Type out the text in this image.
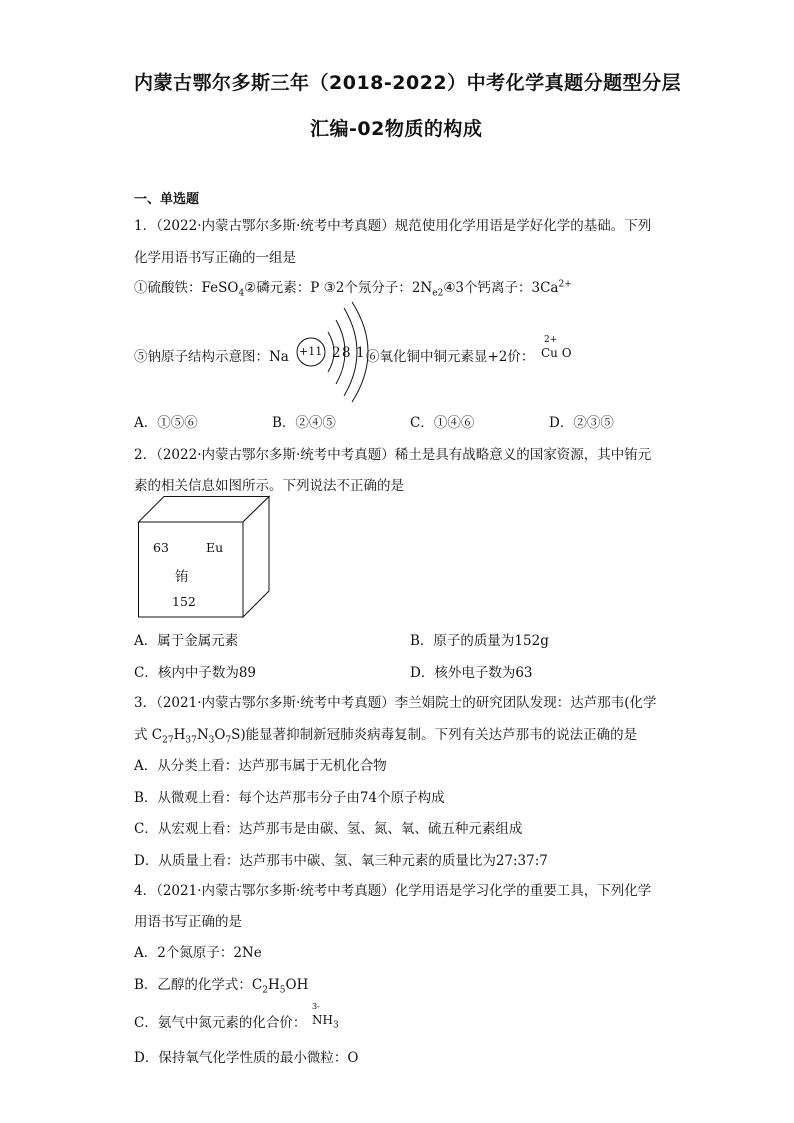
内蒙古鄂尔多斯三年（2018-2022）中考化学真题分题型分层
汇编-02物质的构成
一、单选题
1．（2022·内蒙古鄂尔多斯·统考中考真题）规范使用化学用语是学好化学的基础。下列
化学用语书写正确的一组是
①硫酸铁：FeSO$_4$②磷元素：P ③2个氖分子：$2N_{e2}④3$个钙离子：$3Ca^{2+}$
⑤钠原子结构示意图：Na +11 2 8 1 ⑥氧化铜中铜元素显+2价：
2+
Cu O
A．①⑤⑥	B．②④⑤	C．①④⑥	D．②③⑤
2．（2022·内蒙古鄂尔多斯·统考中考真题）稀土是具有战略意义的国家资源，其中铕元
素的相关信息如图所示。下列说法不正确的是
63	Eu
铕
152
A．属于金属元素	B．原子的质量为152g
C．核内中子数为89	D．核外电子数为63
3．（2021·内蒙古鄂尔多斯·统考中考真题）李兰娟院士的研究团队发现：达芦那韦(化学
式 $C_{27}H_{37}N_3O_7S$)能显著抑制新冠肺炎病毒复制。下列有关达芦那韦的说法正确的是
A．从分类上看：达芦那韦属于无机化合物
B．从微观上看：每个达芦那韦分子由74个原子构成
C．从宏观上看：达芦那韦是由碳、氢、氮、氧、硫五种元素组成
D．从质量上看：达芦那韦中碳、氢、氧三种元素的质量比为27:37:7
4．（2021·内蒙古鄂尔多斯·统考中考真题）化学用语是学习化学的重要工具，下列化学
用语书写正确的是
A．2个氮原子：2Ne
B．乙醇的化学式：$C_2H_5OH$
C．氨气中氮元素的化合价：
3-
$NH_3$
D．保持氧气化学性质的最小微粒：O
